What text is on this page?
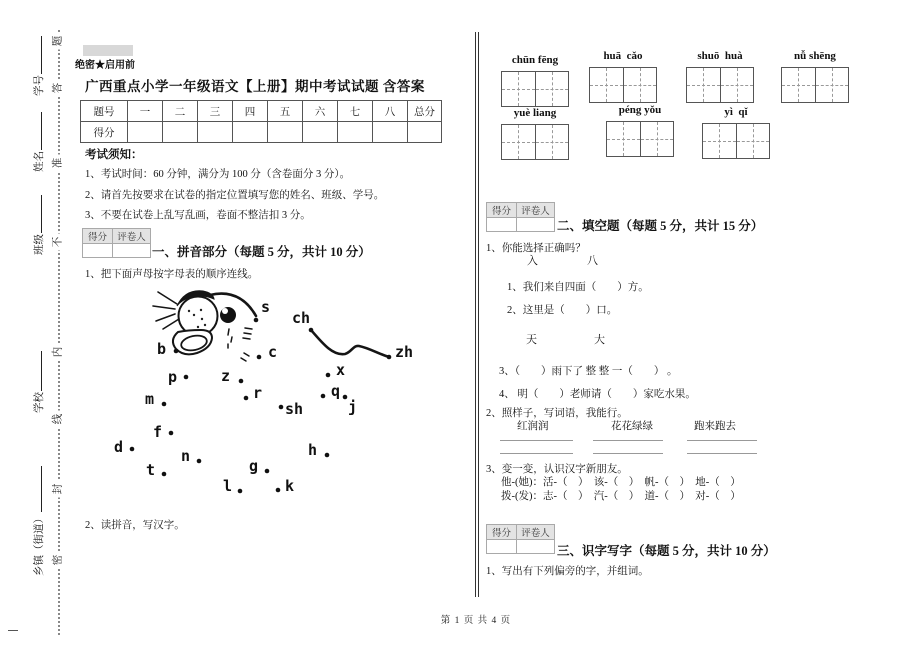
密
封
线
内
不
准
答
题
学号
姓名
班级
学校
乡镇（街道）
绝密★启用前
广西重点小学一年级语文【上册】期中考试试题 含答案
题号	一	二	三	四	五	六	七	八	总分
得分									
考试须知：
1、考试时间：60 分钟，满分为 100 分（含卷面分 3 分）。
2、请首先按要求在试卷的指定位置填写您的姓名、班级、学号。
3、不要在试卷上乱写乱画，卷面不整洁扣 3 分。
得分	评卷人

一、拼音部分（每题 5 分，共计 10 分）
1、把下面声母按字母表的顺序连线。
b
p
m
f
d	n
t
l
g
k
h
j
q
x
z
c
s
r
sh
ch
zh
2、读拼音，写汉字。
chūn fēng	huā  cǎo	shuō  huà	nǚ shēng
yuè liang	péng yǒu	yì  qǐ
得分	评卷人

二、填空题（每题 5 分，共计 15 分）
1、你能选择正确吗？
入	八
1、我们来自四面（　　）方。
2、这里是（　　）口。
天	大
3、（　　）雨下了 整 整 一（　　） 。
4、 明（　　）老师请（　　）家吃水果。
2、照样子，写词语，我能行。
红润润	花花绿绿	跑来跑去
3、变一变，认识汉字新朋友。
他-(她)：活-（　）　该-（　）　帆-（　）　地-（　）
拨-(发)：志-（　）　汽-（　）　道-（　）　对-（　）
得分	评卷人

三、识字写字（每题 5 分，共计 10 分）
1、写出有下列偏旁的字，并组词。
第 1 页 共 4 页
